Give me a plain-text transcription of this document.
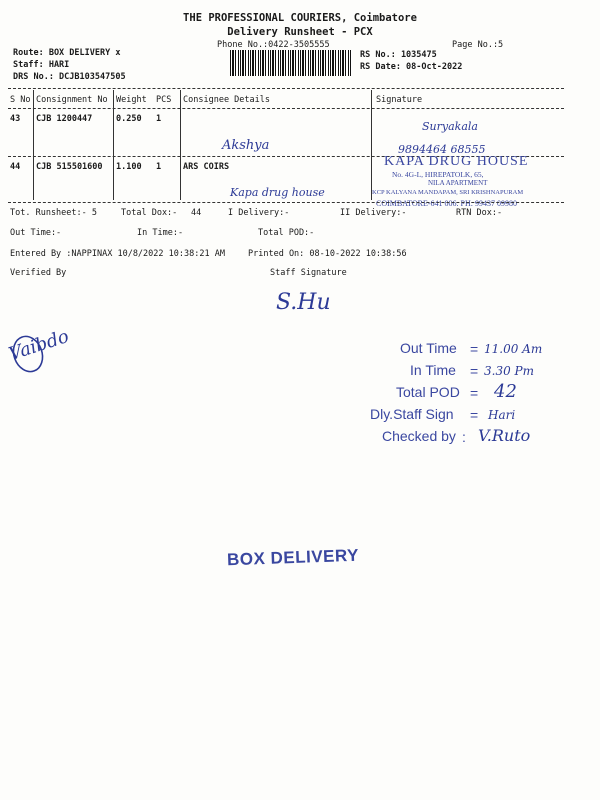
THE PROFESSIONAL COURIERS, Coimbatore
Delivery Runsheet - PCX
Phone No.:0422-3505555	Page No.:5
Route: BOX DELIVERY x
Staff: HARI
DRS No.: DCJB103547505
RS No.: 1035475
RS Date: 08-Oct-2022
S No Consignment No Weight PCS Consignee Details	Signature
43 CJB 1200447	0.250 1
Akshya
Suryakala
9894464 68555
44 CJB 515501600 1.100 1	ARS COIRS
Kapa drug house
KAPA DRUG HOUSE
No. 4G-L, HIREPATOLK, 65,
NILA APARTMENT
KCP KALYANA MANDAPAM, SRI KRISHNAPURAM
COIMBATORE-641 006. PH: 99437 09980
Tot. Runsheet:- 5	Total Dox:- 44	I Delivery:-	II Delivery:-	RTN Dox:-
Out Time:-	In Time:-	Total POD:-
Entered By :NAPPINAX 10/8/2022 10:38:21 AM	Printed On: 08-10-2022 10:38:56
Verified By	Staff Signature
S.Hu
Vaibdo	Out Time = 11.00 Am
In Time = 3.30 Pm
Total POD = 42
Dly.Staff Sign = Hari
Checked by : V.Ruto
BOX DELIVERY
